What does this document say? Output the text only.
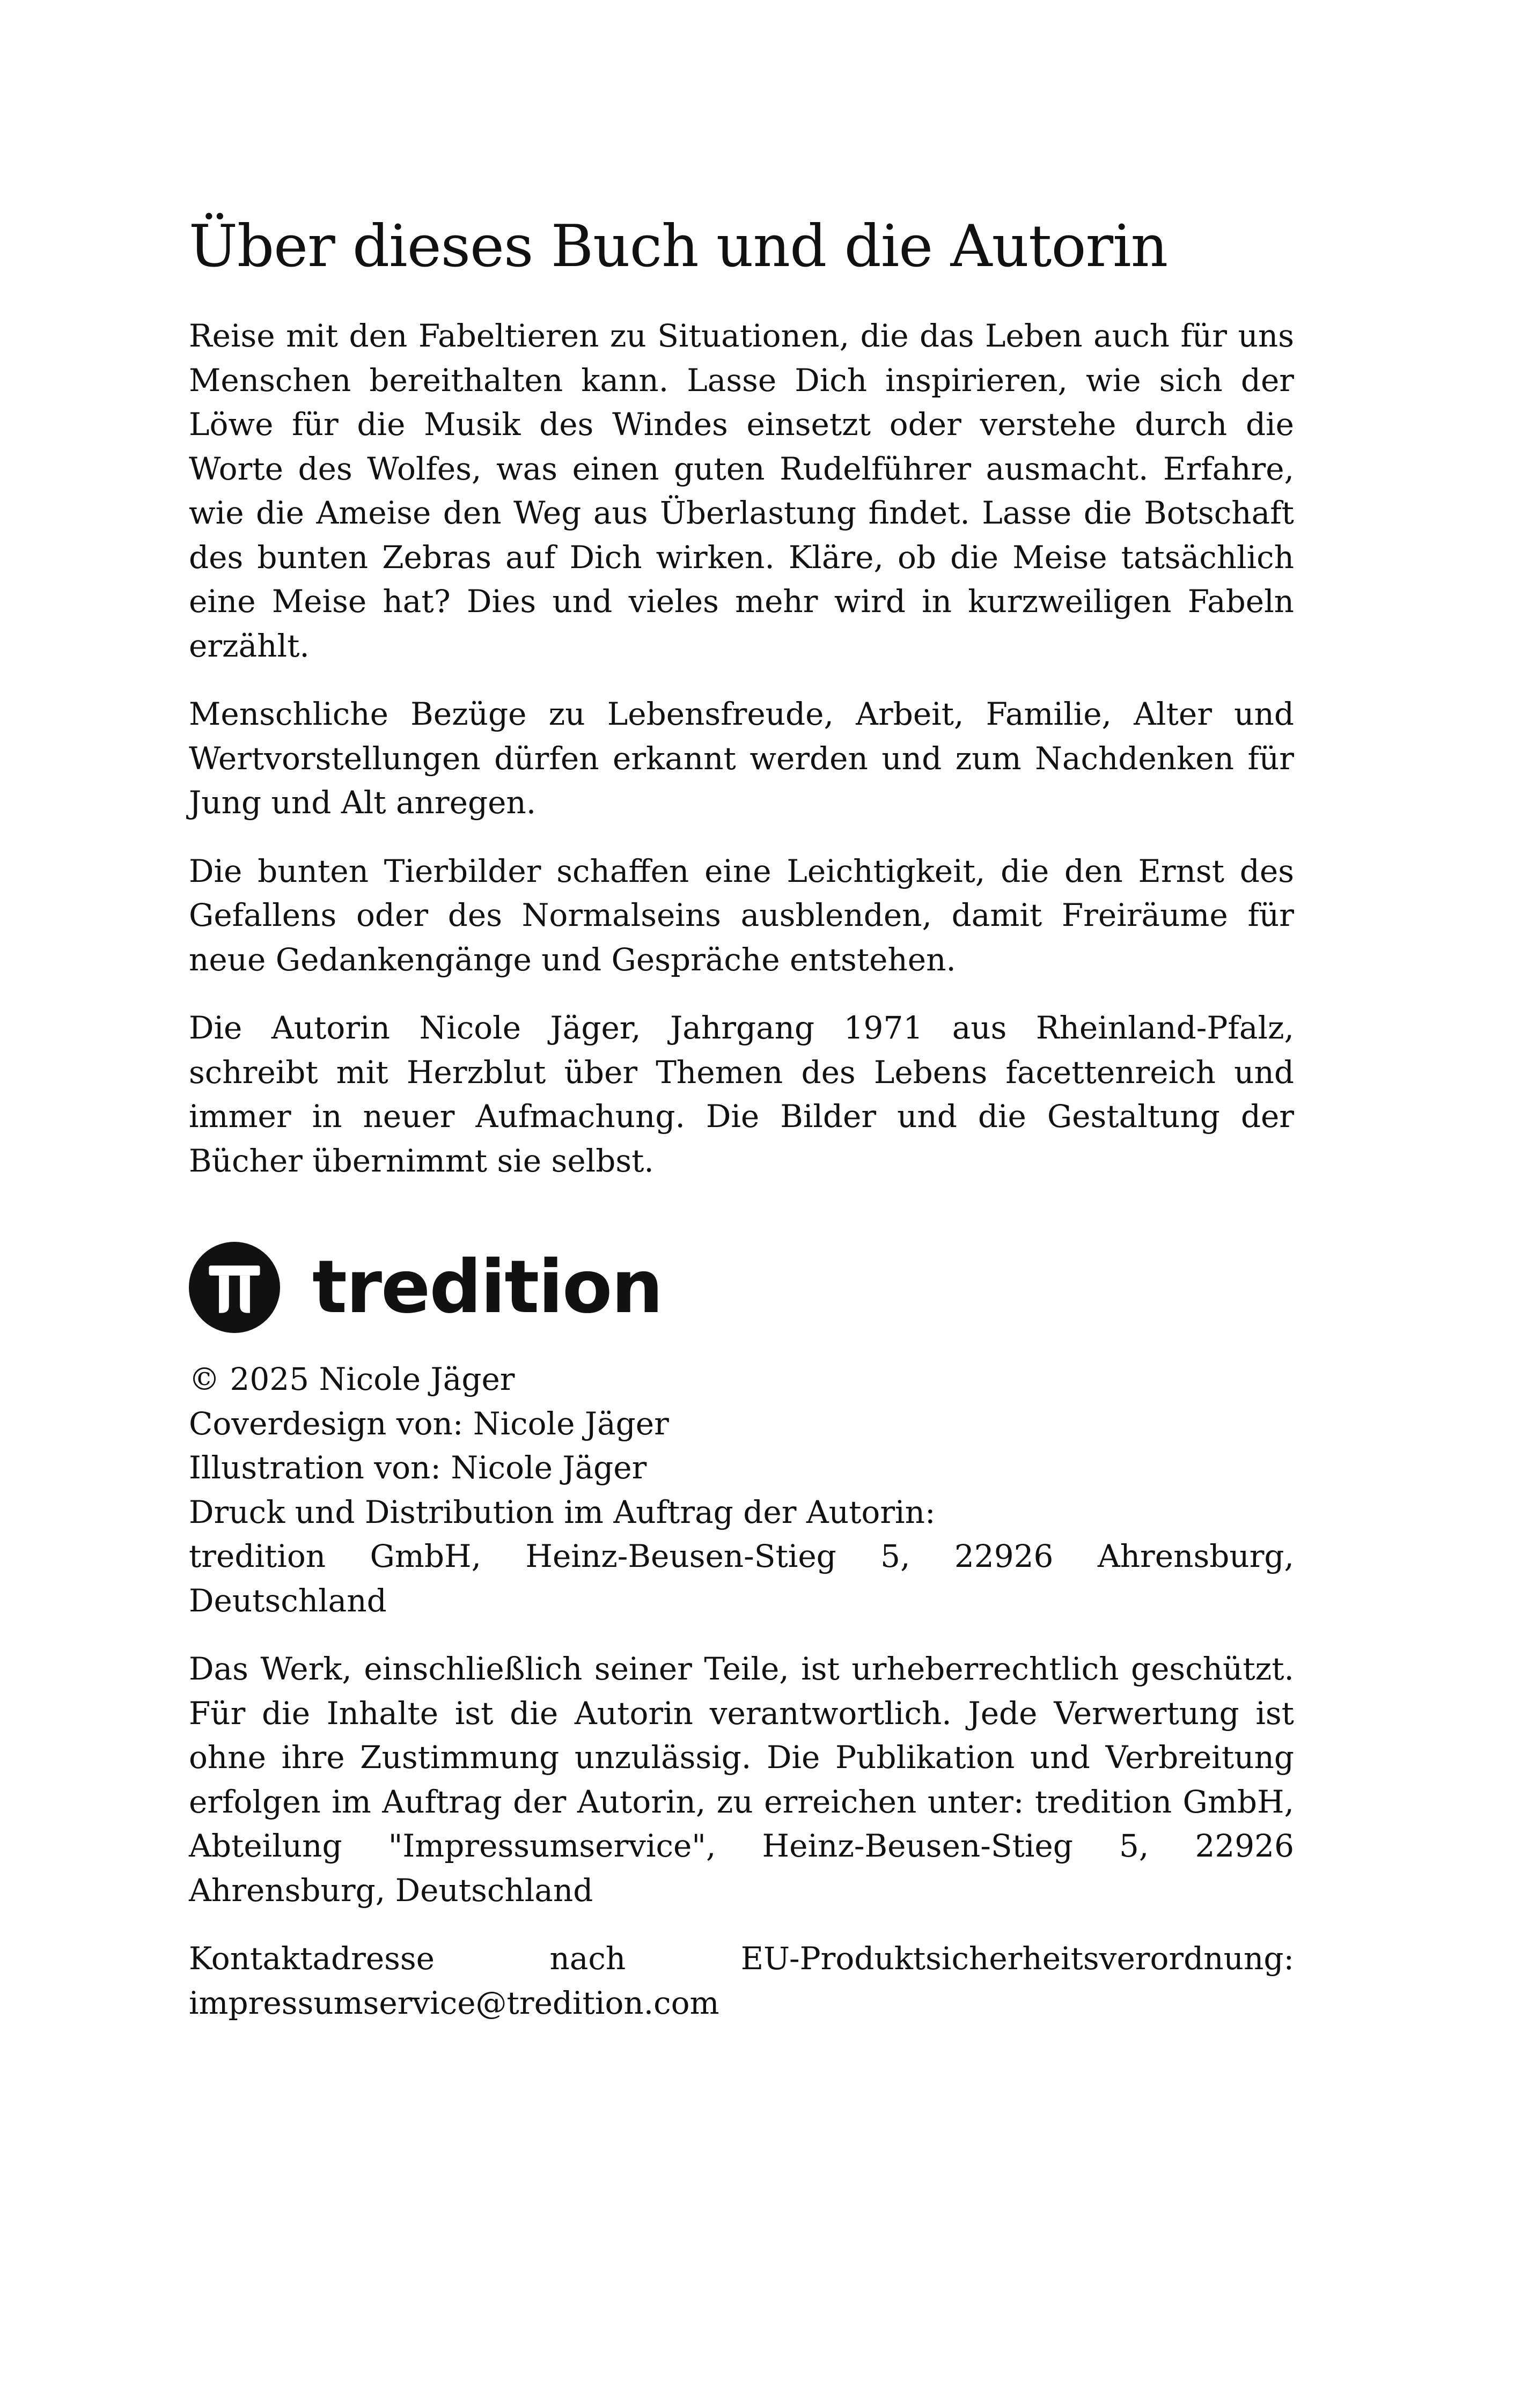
Über dieses Buch und die Autorin

Reise mit den Fabeltieren zu Situationen, die das Leben auch für uns Menschen bereithalten kann. Lasse Dich inspirieren, wie sich der Löwe für die Musik des Windes einsetzt oder verstehe durch die Worte des Wolfes, was einen guten Rudelführer ausmacht. Erfahre, wie die Ameise den Weg aus Überlastung findet. Lasse die Botschaft des bunten Zebras auf Dich wirken. Kläre, ob die Meise tatsächlich eine Meise hat? Dies und vieles mehr wird in kurzweiligen Fabeln erzählt.

Menschliche Bezüge zu Lebensfreude, Arbeit, Familie, Alter und Wertvorstellungen dürfen erkannt werden und zum Nachdenken für Jung und Alt anregen.

Die bunten Tierbilder schaffen eine Leichtigkeit, die den Ernst des Gefallens oder des Normalseins ausblenden, damit Freiräume für neue Gedankengänge und Gespräche entstehen.

Die Autorin Nicole Jäger, Jahrgang 1971 aus Rheinland-Pfalz, schreibt mit Herzblut über Themen des Lebens facettenreich und immer in neuer Aufmachung. Die Bilder und die Gestaltung der Bücher übernimmt sie selbst.

tredition
© 2025 Nicole Jäger
Coverdesign von: Nicole Jäger
Illustration von: Nicole Jäger
Druck und Distribution im Auftrag der Autorin:
tredition GmbH, Heinz-Beusen-Stieg 5, 22926 Ahrensburg, Deutschland

Das Werk, einschließlich seiner Teile, ist urheberrechtlich geschützt. Für die Inhalte ist die Autorin verantwortlich. Jede Verwertung ist ohne ihre Zustimmung unzulässig. Die Publikation und Verbreitung erfolgen im Auftrag der Autorin, zu erreichen unter: tredition GmbH, Abteilung "Impressumservice", Heinz-Beusen-Stieg 5, 22926 Ahrensburg, Deutschland

Kontaktadresse nach EU-Produktsicherheitsverordnung: impressumservice@tredition.com
